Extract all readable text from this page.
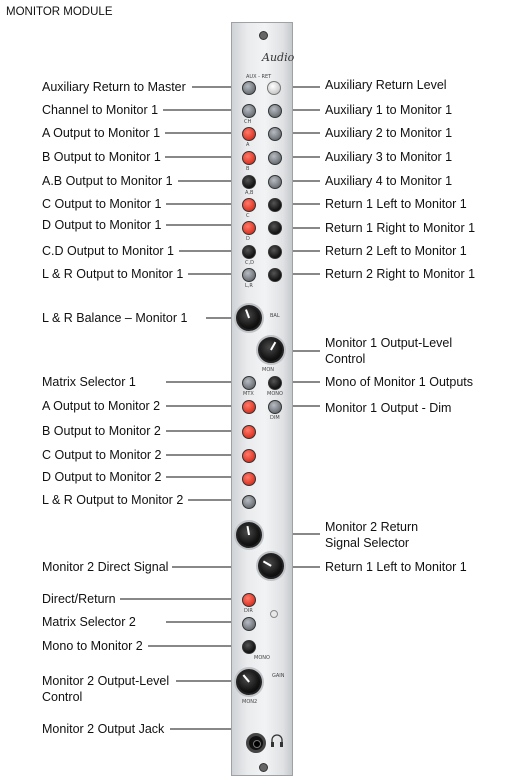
MONITOR MODULE
Audio
AUX - RET
CH
A
B
A,B
C
D
C,D
L,R
BAL
MON
MTX	MONO
DIM
DIR
MONO
GAIN
MON2
Auxiliary Return to Master
Channel to Monitor 1
A Output to Monitor 1
B Output to Monitor 1
A.B Output to Monitor 1
C Output to Monitor 1
D Output to Monitor 1
C.D Output to Monitor 1
L & R Output to Monitor 1
L & R Balance – Monitor 1
Matrix Selector 1
A Output to Monitor 2
B Output to Monitor 2
C Output to Monitor 2
D Output to Monitor 2
L & R Output to Monitor 2
Monitor 2 Direct Signal
Direct/Return
Matrix Selector 2
Mono to Monitor 2
Monitor 2 Output-Level
Control
Monitor 2 Output Jack
Auxiliary Return Level
Auxiliary 1 to Monitor 1
Auxiliary 2 to Monitor 1
Auxiliary 3 to Monitor 1
Auxiliary 4 to Monitor 1
Return 1 Left to Monitor 1
Return 1 Right to Monitor 1
Return 2 Left to Monitor 1
Return 2 Right to Monitor 1
Monitor 1 Output-Level
Control
Mono of Monitor 1 Outputs
Monitor 1 Output - Dim
Monitor 2 Return
Signal Selector
Return 1 Left to Monitor 1
